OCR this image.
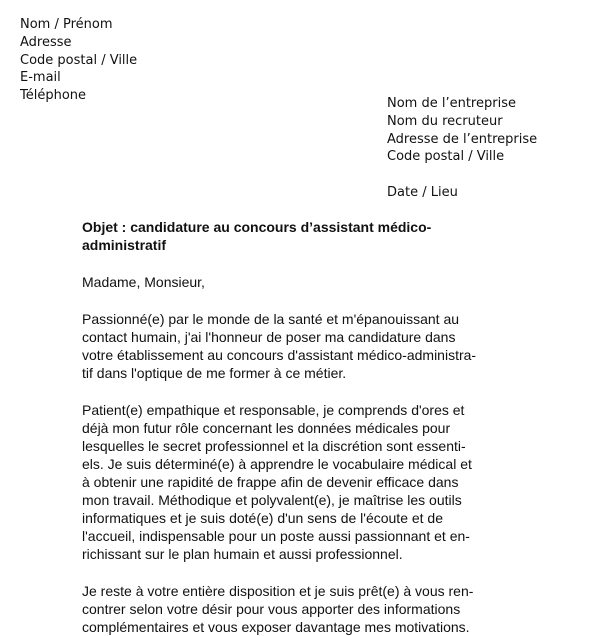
Nom / Prénom
Adresse
Code postal / Ville
E-mail
Téléphone
Nom de l’entreprise
Nom du recruteur
Adresse de l’entreprise
Code postal / Ville
Date / Lieu
Objet : candidature au concours d’assistant médico-
administratif
Madame, Monsieur,
Passionné(e) par le monde de la santé et m'épanouissant au
contact humain, j'ai l'honneur de poser ma candidature dans
votre établissement au concours d'assistant médico-administra-
tif dans l'optique de me former à ce métier.
Patient(e) empathique et responsable, je comprends d'ores et
déjà mon futur rôle concernant les données médicales pour
lesquelles le secret professionnel et la discrétion sont essenti-
els. Je suis déterminé(e) à apprendre le vocabulaire médical et
à obtenir une rapidité de frappe afin de devenir efficace dans
mon travail. Méthodique et polyvalent(e), je maîtrise les outils
informatiques et je suis doté(e) d'un sens de l'écoute et de
l'accueil, indispensable pour un poste aussi passionnant et en-
richissant sur le plan humain et aussi professionnel.
Je reste à votre entière disposition et je suis prêt(e) à vous ren-
contrer selon votre désir pour vous apporter des informations
complémentaires et vous exposer davantage mes motivations.
